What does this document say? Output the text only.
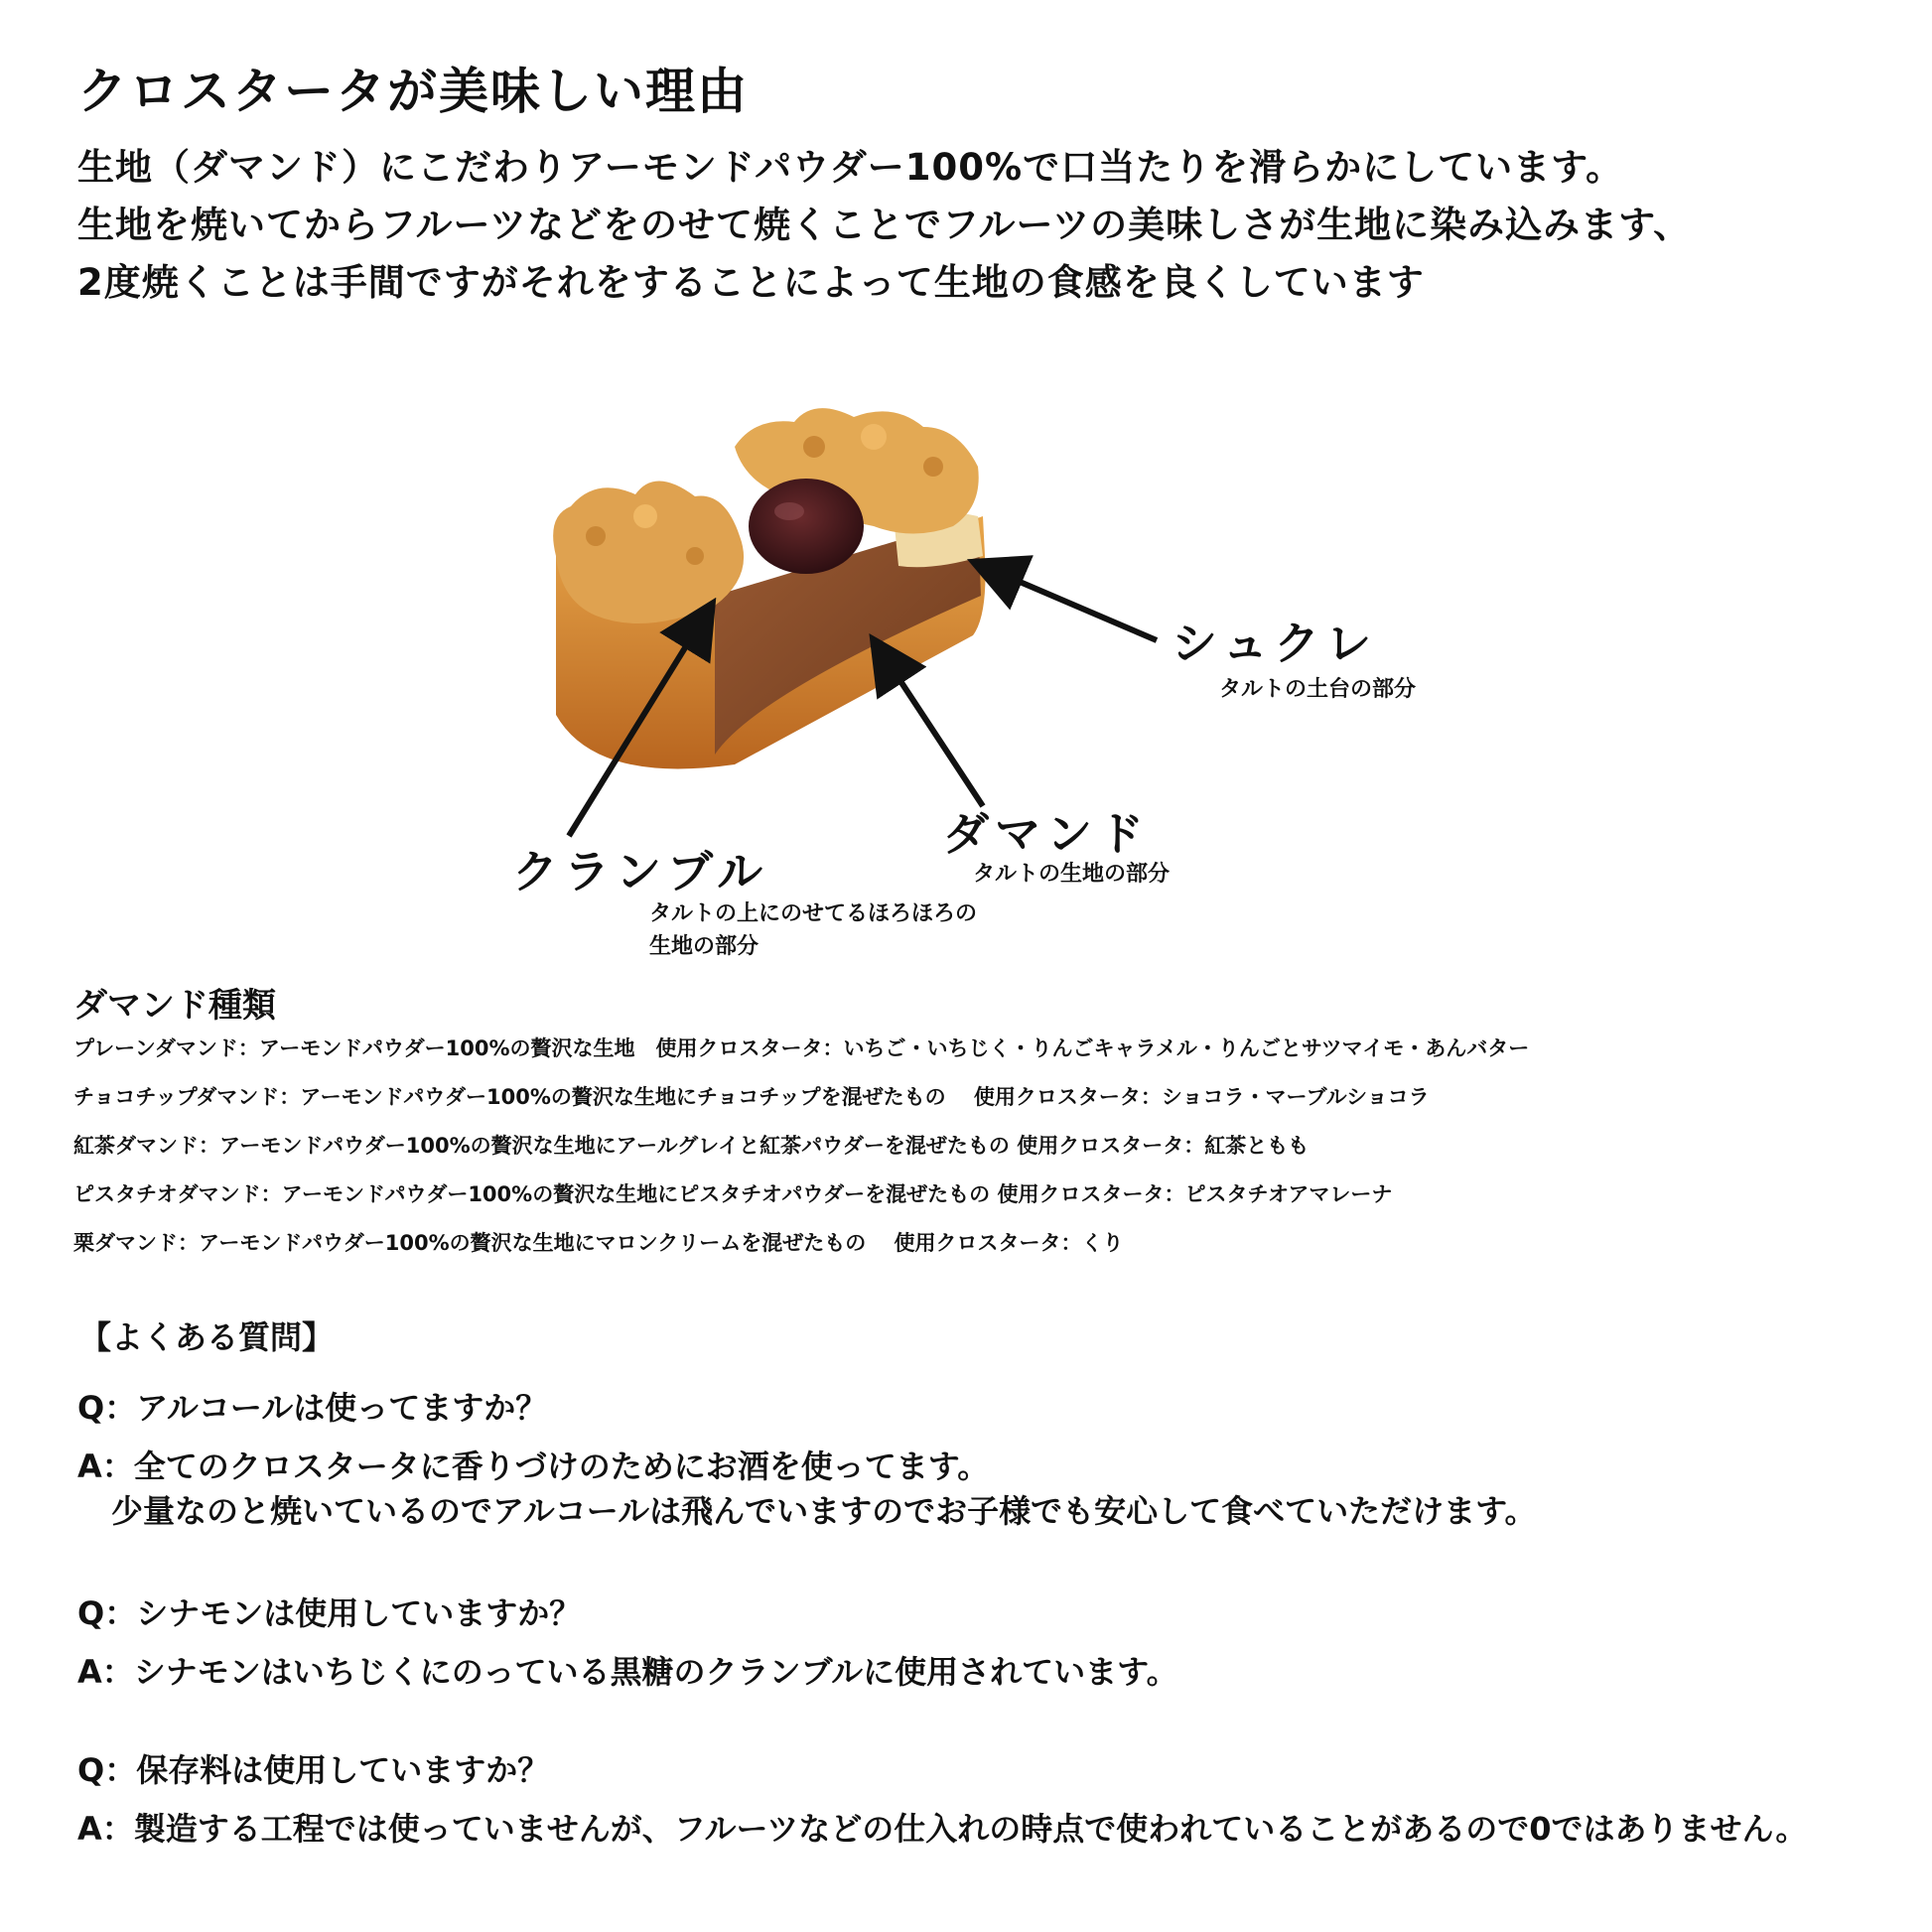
クロスタータが美味しい理由
生地（ダマンド）にこだわりアーモンドパウダー100%で口当たりを滑らかにしています。
生地を焼いてからフルーツなどをのせて焼くことでフルーツの美味しさが生地に染み込みます、
2度焼くことは手間ですがそれをすることによって生地の食感を良くしています
シュクレ
タルトの土台の部分
ダマンド
タルトの生地の部分
クランブル
タルトの上にのせてるほろほろの
生地の部分
ダマンド種類
プレーンダマンド：アーモンドパウダー100%の贅沢な生地　使用クロスタータ：いちご・いちじく・りんごキャラメル・りんごとサツマイモ・あんバター
チョコチップダマンド：アーモンドパウダー100%の贅沢な生地にチョコチップを混ぜたもの　 使用クロスタータ：ショコラ・マーブルショコラ
紅茶ダマンド：アーモンドパウダー100%の贅沢な生地にアールグレイと紅茶パウダーを混ぜたもの 使用クロスタータ：紅茶ともも
ピスタチオダマンド：アーモンドパウダー100%の贅沢な生地にピスタチオパウダーを混ぜたもの 使用クロスタータ：ピスタチオアマレーナ
栗ダマンド：アーモンドパウダー100%の贅沢な生地にマロンクリームを混ぜたもの　 使用クロスタータ：くり
【よくある質問】
Q：アルコールは使ってますか？
A：全てのクロスタータに香りづけのためにお酒を使ってます。
少量なのと焼いているのでアルコールは飛んでいますのでお子様でも安心して食べていただけます。
Q：シナモンは使用していますか？
A：シナモンはいちじくにのっている黒糖のクランブルに使用されています。
Q：保存料は使用していますか？
A：製造する工程では使っていませんが、フルーツなどの仕入れの時点で使われていることがあるので0ではありません。
